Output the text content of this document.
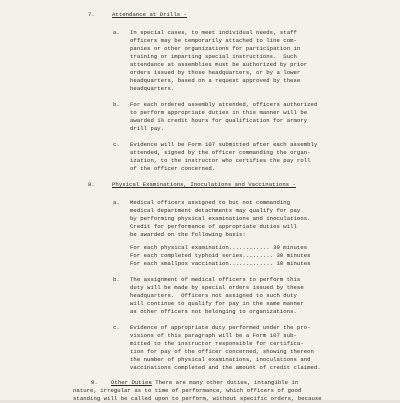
7.	Attendance at Drills -
a. In special cases, to meet individual needs, staff
officers may be temporarily attached to line com-
panies or other organizations for participation in
training or imparting special instructions.  Such
attendance at assemblies must be authorized by prior
orders issued by those headquarters, or by a lower
headquarters, based on a request approved by these
headquarters.
b. For each ordered assembly attended, officers authorized
to perform appropriate duties in this manner will be
awarded 1½ credit hours for qualification for armory
drill pay.
c. Evidence will be Form 107 submitted after each assembly
attended, signed by the officer commanding the organ-
ization, to the instructor who certifies the pay roll
of the officer concerned.
8.	Physical Examinations, Inoculations and Vaccinations -
a. Medical officers assigned to but not commanding
medical department detachments may qualify for pay
by performing physical examinations and inoculations.
Credit for performance of appropriate duties will
be awarded on the following basis:
For each physical examination............ 30 minutes
For each completed typhoid series......... 30 minutes
For each smallpox vaccination............. 10 minutes
b. The assignment of medical officers to perform this
duty will be made by special orders issued by these
headquarters.  Officers not assigned to such duty
will continue to qualify for pay in the same manner
as other officers not belonging to organizations.
c. Evidence of appropriate duty performed under the pro-
visions of this paragraph will be a Form 107 sub-
mitted to the instructor responsible for certifica-
tion for pay of the officer concerned, showing thereon
the number of physical examinations, inoculations and
vaccinations completed and the amount of credit claimed.
9. Other Duties
- There are many other duties, intangible in
nature, irregular as to time of performance, which officers of good
standing will be called upon to perform, without specific orders, because
